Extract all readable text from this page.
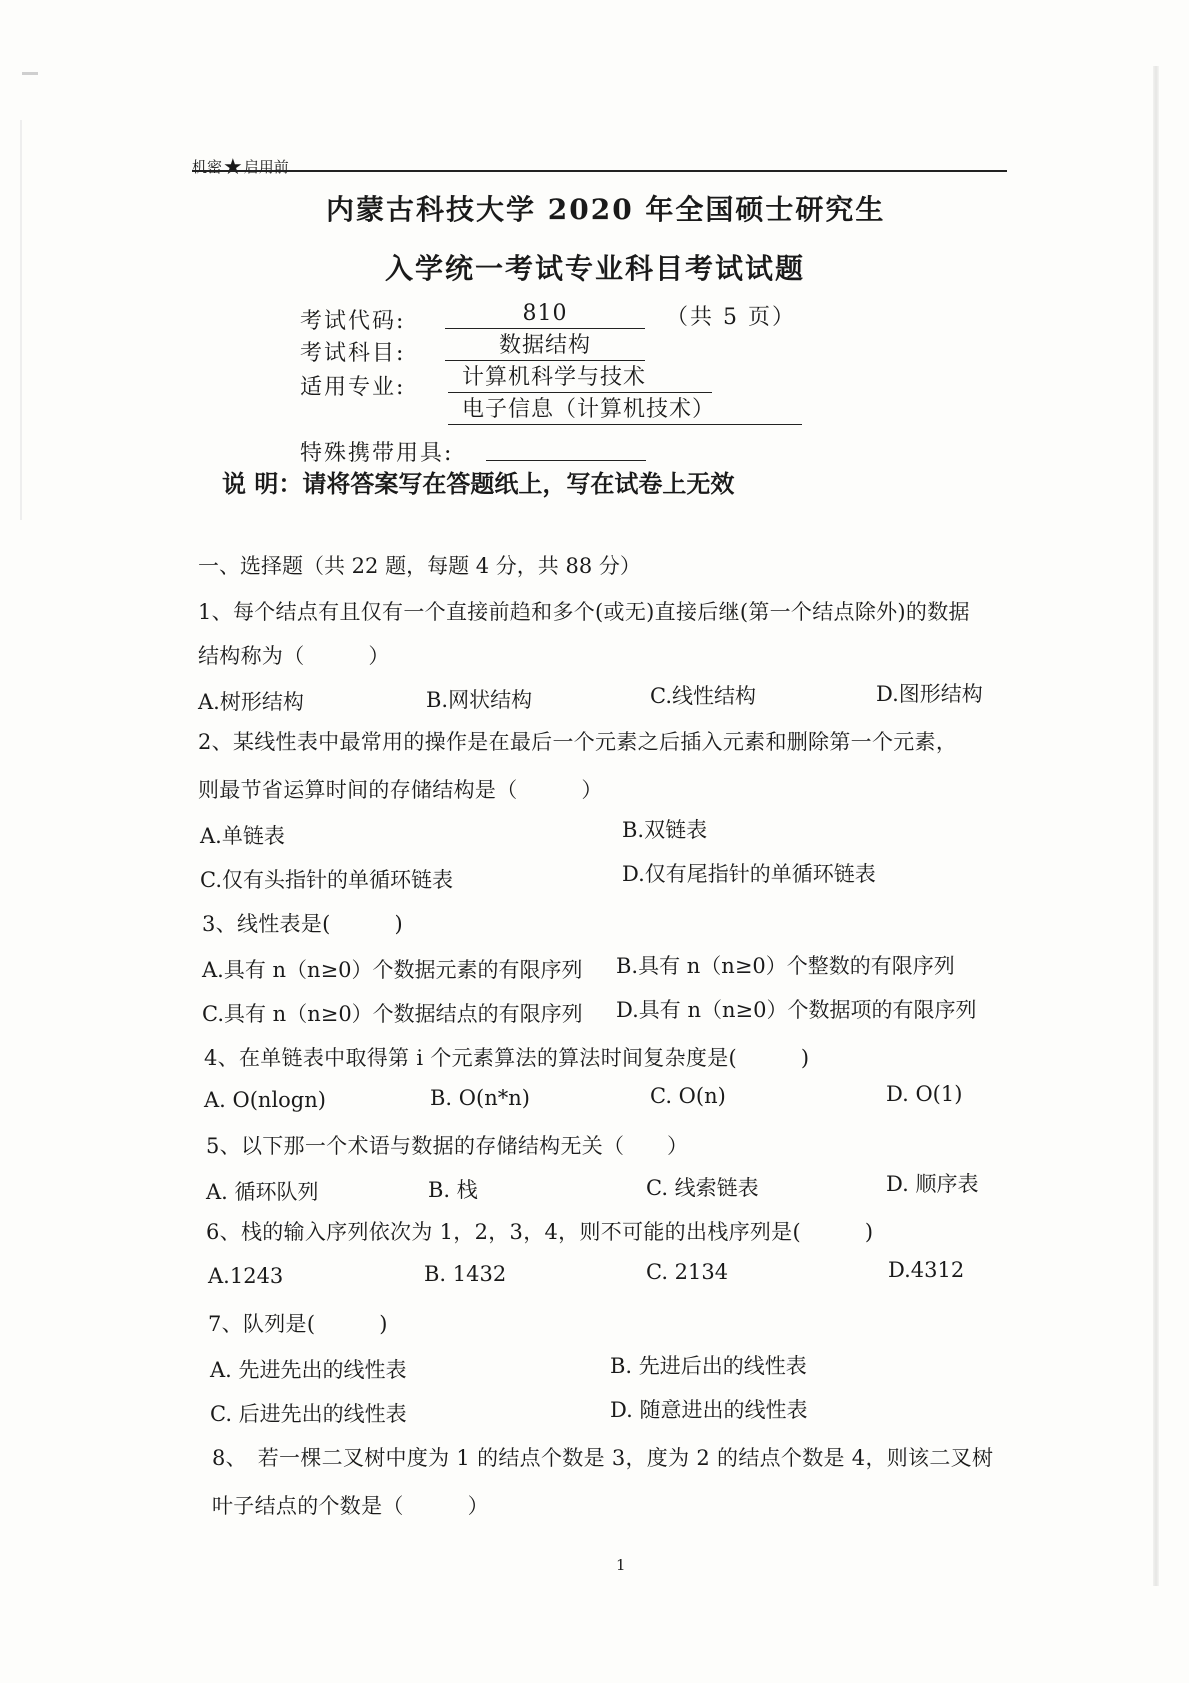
机密★启用前
内蒙古科技大学 2020 年全国硕士研究生
入学统一考试专业科目考试试题
考试代码:	810	（共 5 页）
考试科目:	数据结构
适用专业:	计算机科学与技术
电子信息（计算机技术）
特殊携带用具:
说 明：请将答案写在答题纸上，写在试卷上无效
一、选择题（共 22 题，每题 4 分，共 88 分）
1、每个结点有且仅有一个直接前趋和多个(或无)直接后继(第一个结点除外)的数据
结构称为（　　　）
A.树形结构	B.网状结构	C.线性结构	D.图形结构
2、某线性表中最常用的操作是在最后一个元素之后插入元素和删除第一个元素，
则最节省运算时间的存储结构是（　　　）
A.单链表	B.双链表
C.仅有头指针的单循环链表	D.仅有尾指针的单循环链表
3、线性表是(　　　)
A.具有 n（n≥0）个数据元素的有限序列 B.具有 n（n≥0）个整数的有限序列
C.具有 n（n≥0）个数据结点的有限序列 D.具有 n（n≥0）个数据项的有限序列
4、在单链表中取得第 i 个元素算法的算法时间复杂度是(　　　)
A. O(nlogn)	B. O(n*n)	C. O(n)	D. O(1)
5、以下那一个术语与数据的存储结构无关（　　）
A. 循环队列	B. 栈	C. 线索链表	D. 顺序表
6、栈的输入序列依次为 1，2，3，4，则不可能的出栈序列是(　　　)
A.1243	B. 1432	C. 2134	D.4312
7、队列是(　　　)
A. 先进先出的线性表	B. 先进后出的线性表
C. 后进先出的线性表	D. 随意进出的线性表
8、　若一棵二叉树中度为 1 的结点个数是 3，度为 2 的结点个数是 4，则该二叉树
叶子结点的个数是（　　　）
1
